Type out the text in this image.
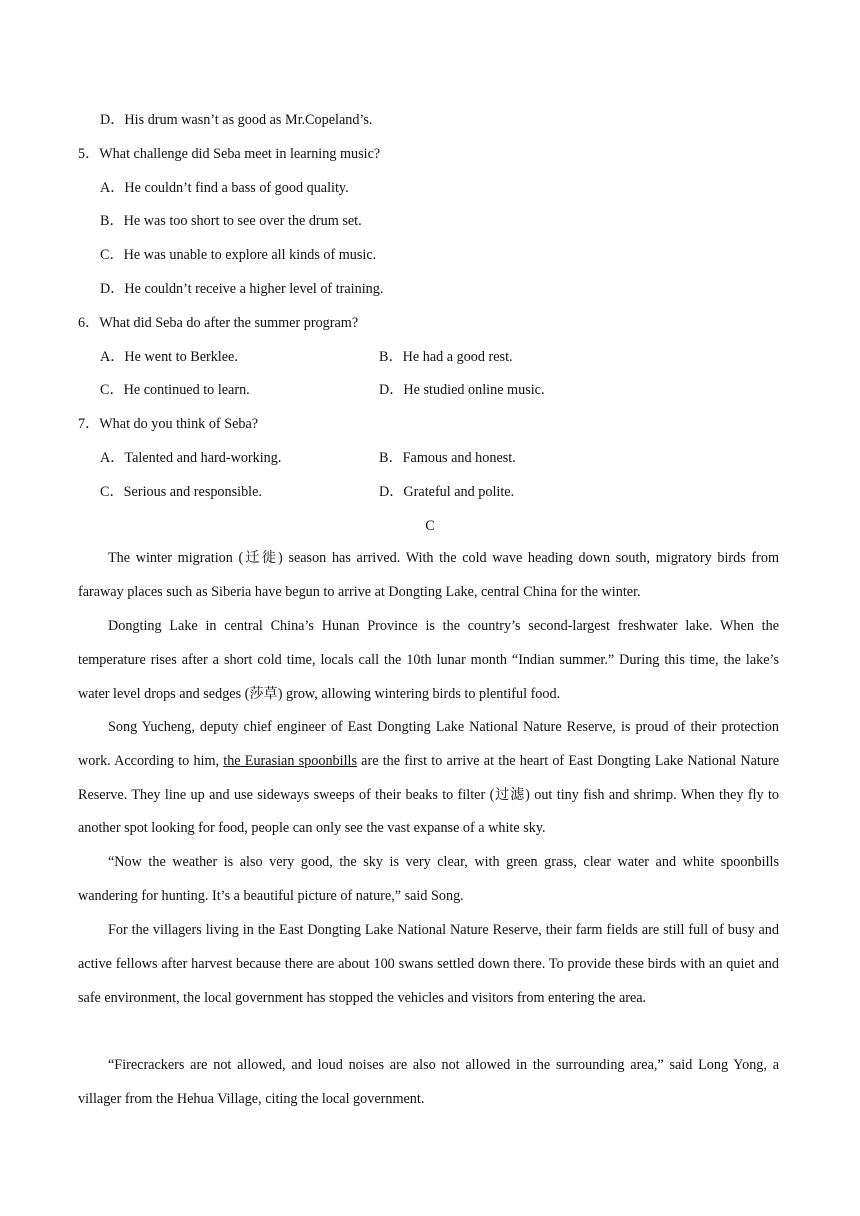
D．His drum wasn’t as good as Mr.Copeland’s.
5．What challenge did Seba meet in learning music?
A．He couldn’t find a bass of good quality.
B．He was too short to see over the drum set.
C．He was unable to explore all kinds of music.
D．He couldn’t receive a higher level of training.
6．What did Seba do after the summer program?
A．He went to Berklee.	B．He had a good rest.
C．He continued to learn.	D．He studied online music.
7．What do you think of Seba?
A．Talented and hard-working.	B．Famous and honest.
C．Serious and responsible.	D．Grateful and polite.
C

The winter migration (迁徙) season has arrived. With the cold wave heading down south, migratory birds from faraway places such as Siberia have begun to arrive at Dongting Lake, central China for the winter.

Dongting Lake in central China’s Hunan Province is the country’s second-largest freshwater lake. When the temperature rises after a short cold time, locals call the 10th lunar month “Indian summer.” During this time, the lake’s water level drops and sedges (莎草) grow, allowing wintering birds to plentiful food.

Song Yucheng, deputy chief engineer of East Dongting Lake National Nature Reserve, is proud of their protection work. According to him, the Eurasian spoonbills are the first to arrive at the heart of East Dongting Lake National Nature Reserve. They line up and use sideways sweeps of their beaks to filter (过滤) out tiny fish and shrimp. When they fly to another spot looking for food, people can only see the vast expanse of a white sky.

“Now the weather is also very good, the sky is very clear, with green grass, clear water and white spoonbills wandering for hunting. It’s a beautiful picture of nature,” said Song.

For the villagers living in the East Dongting Lake National Nature Reserve, their farm fields are still full of busy and active fellows after harvest because there are about 100 swans settled down there. To provide these birds with an quiet and safe environment, the local government has stopped the vehicles and visitors from entering the area.

“Firecrackers are not allowed, and loud noises are also not allowed in the surrounding area,” said Long Yong, a villager from the Hehua Village, citing the local government.
